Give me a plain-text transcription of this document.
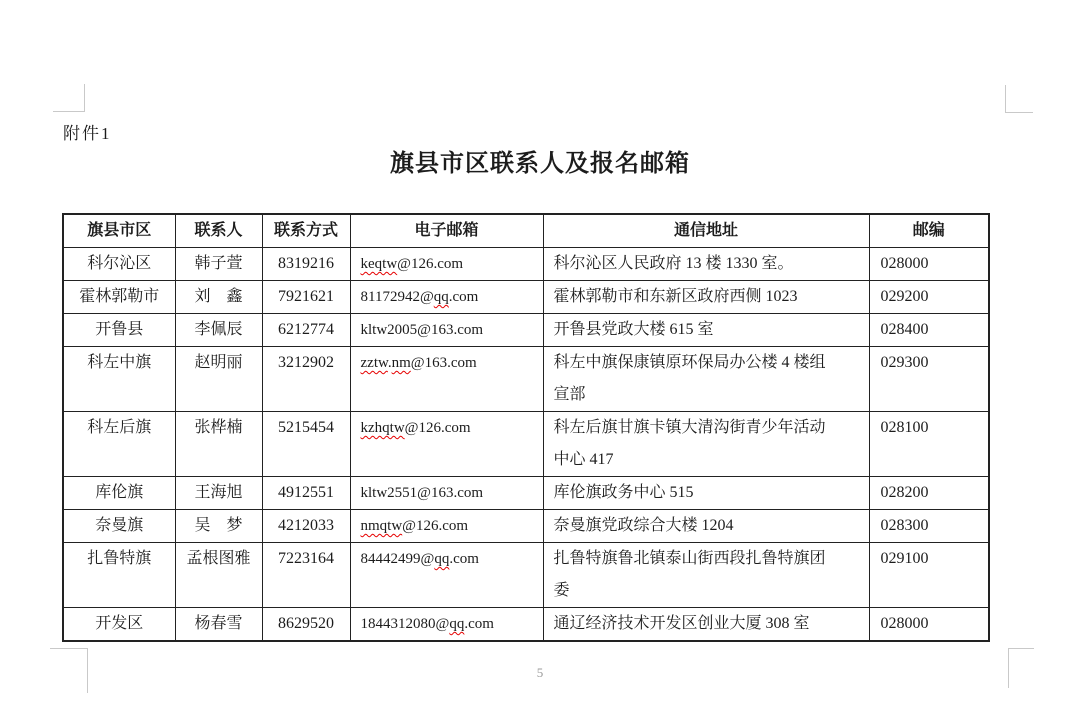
附件1
旗县市区联系人及报名邮箱
旗县市区	联系人	联系方式	电子邮箱	通信地址	邮编
科尔沁区	韩子萱	8319216	keqtw@126.com	科尔沁区人民政府 13 楼 1330 室。	028000
霍林郭勒市	刘　鑫	7921621	81172942@qq.com	霍林郭勒市和东新区政府西侧 1023	029200
开鲁县	李佩辰	6212774	kltw2005@163.com	开鲁县党政大楼 615 室	028400
科左中旗	赵明丽	3212902	zztw.nm@163.com	科左中旗保康镇原环保局办公楼 4 楼组宣部	029300
科左后旗	张桦楠	5215454	kzhqtw@126.com	科左后旗甘旗卡镇大清沟街青少年活动中心 417	028100
库伦旗	王海旭	4912551	kltw2551@163.com	库伦旗政务中心 515	028200
奈曼旗	吴　梦	4212033	nmqtw@126.com	奈曼旗党政综合大楼 1204	028300
扎鲁特旗	孟根图雅	7223164	84442499@qq.com	扎鲁特旗鲁北镇泰山街西段扎鲁特旗团委	029100
开发区	杨春雪	8629520	1844312080@qq.com	通辽经济技术开发区创业大厦 308 室	028000
5
